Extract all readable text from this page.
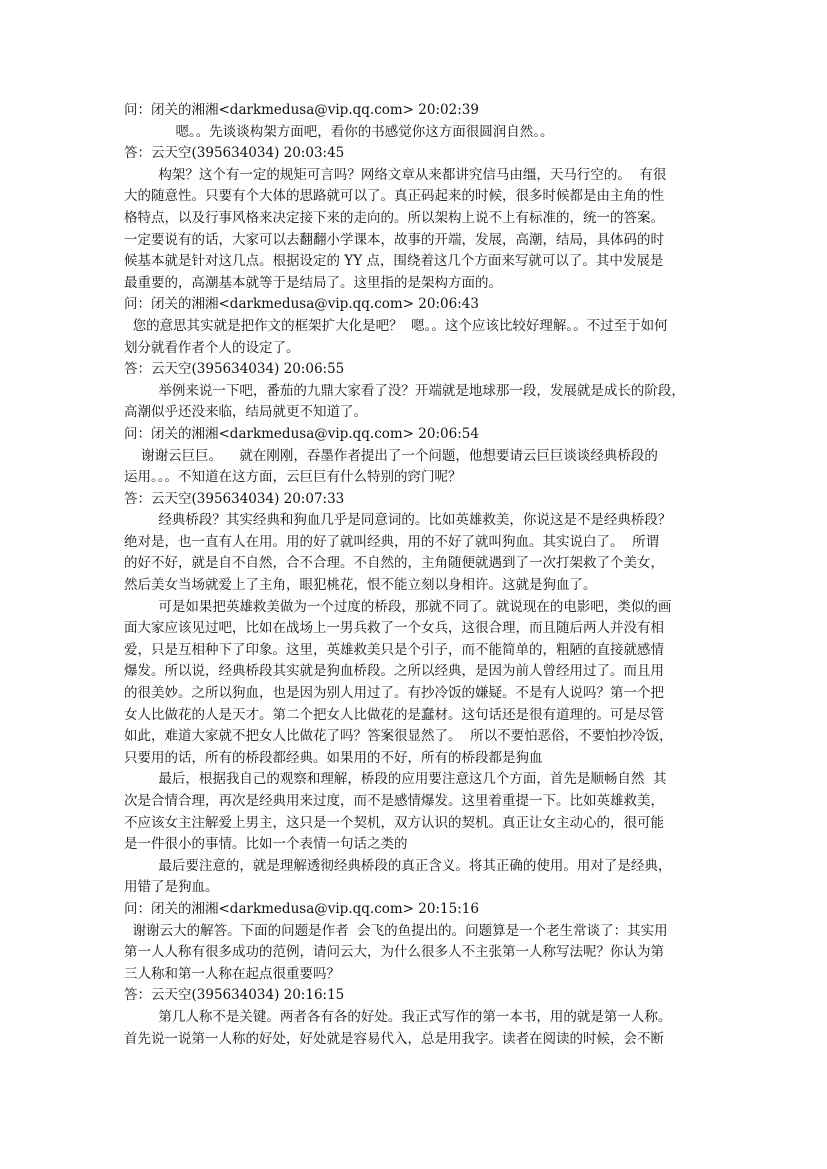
问：闭关的湘湘<darkmedusa@vip.qq.com> 20:02:39
嗯。。先谈谈构架方面吧，看你的书感觉你这方面很圆润自然。。
答：云天空(395634034) 20:03:45
构架？这个有一定的规矩可言吗？网络文章从来都讲究信马由缰，天马行空的。  有很
大的随意性。只要有个大体的思路就可以了。真正码起来的时候，很多时候都是由主角的性
格特点，以及行事风格来决定接下来的走向的。所以架构上说不上有标准的，统一的答案。
一定要说有的话，大家可以去翻翻小学课本，故事的开端，发展，高潮，结局，具体码的时
候基本就是针对这几点。根据设定的 YY 点，围绕着这几个方面来写就可以了。其中发展是
最重要的，高潮基本就等于是结局了。这里指的是架构方面的。
问：闭关的湘湘<darkmedusa@vip.qq.com> 20:06:43
您的意思其实就是把作文的框架扩大化是吧？  嗯。。这个应该比较好理解。。不过至于如何
划分就看作者个人的设定了。
答：云天空(395634034) 20:06:55
举例来说一下吧，番茄的九鼎大家看了没？开端就是地球那一段，发展就是成长的阶段，
高潮似乎还没来临，结局就更不知道了。
问：闭关的湘湘<darkmedusa@vip.qq.com> 20:06:54
谢谢云巨巨。    就在刚刚，吞墨作者提出了一个问题，他想要请云巨巨谈谈经典桥段的
运用。。。不知道在这方面，云巨巨有什么特别的窍门呢？
答：云天空(395634034) 20:07:33
经典桥段？其实经典和狗血几乎是同意词的。比如英雄救美，你说这是不是经典桥段？
绝对是，也一直有人在用。用的好了就叫经典，用的不好了就叫狗血。其实说白了。  所谓
的好不好，就是自不自然，合不合理。不自然的，主角随便就遇到了一次打架救了个美女，
然后美女当场就爱上了主角，眼犯桃花，恨不能立刻以身相许。这就是狗血了。
可是如果把英雄救美做为一个过度的桥段，那就不同了。就说现在的电影吧，类似的画
面大家应该见过吧，比如在战场上一男兵救了一个女兵，这很合理，而且随后两人并没有相
爱，只是互相种下了印象。这里，英雄救美只是个引子，而不能简单的，粗陋的直接就感情
爆发。所以说，经典桥段其实就是狗血桥段。之所以经典，是因为前人曾经用过了。而且用
的很美妙。之所以狗血，也是因为别人用过了。有抄冷饭的嫌疑。不是有人说吗？第一个把
女人比做花的人是天才。第二个把女人比做花的是蠢材。这句话还是很有道理的。可是尽管
如此，难道大家就不把女人比做花了吗？答案很显然了。  所以不要怕恶俗，不要怕抄冷饭，
只要用的话，所有的桥段都经典。如果用的不好，所有的桥段都是狗血
最后，根据我自己的观察和理解，桥段的应用要注意这几个方面，首先是顺畅自然  其
次是合情合理，再次是经典用来过度，而不是感情爆发。这里着重提一下。比如英雄救美，
不应该女主注解爱上男主，这只是一个契机，双方认识的契机。真正让女主动心的，很可能
是一件很小的事情。比如一个表情一句话之类的
最后要注意的，就是理解透彻经典桥段的真正含义。将其正确的使用。用对了是经典，
用错了是狗血。
问：闭关的湘湘<darkmedusa@vip.qq.com> 20:15:16
谢谢云大的解答。下面的问题是作者  会飞的鱼提出的。问题算是一个老生常谈了：其实用
第一人人称有很多成功的范例，请问云大，为什么很多人不主张第一人称写法呢？你认为第
三人称和第一人称在起点很重要吗？
答：云天空(395634034) 20:16:15
第几人称不是关键。两者各有各的好处。我正式写作的第一本书，用的就是第一人称。
首先说一说第一人称的好处，好处就是容易代入，总是用我字。读者在阅读的时候，会不断
